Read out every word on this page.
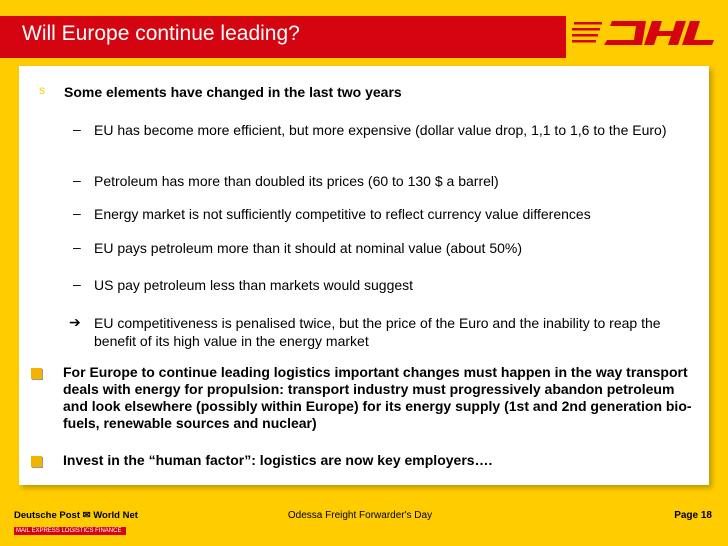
Will Europe continue leading?
s Some elements have changed in the last two years
– EU has become more efficient, but more expensive (dollar value drop, 1,1 to 1,6 to the Euro)
– Petroleum has more than doubled its prices (60 to 130 $ a barrel)
– Energy market is not sufficiently competitive to reflect currency value differences
– EU pays petroleum more than it should at nominal value (about 50%)
– US pay petroleum less than markets would suggest
➔ EU competitiveness is penalised twice, but the price of the Euro and the inability to reap the benefit of its high value in the energy market
For Europe to continue leading logistics important changes must happen in the way transport deals with energy for propulsion: transport industry must progressively abandon petroleum and look elsewhere (possibly within Europe) for its energy supply (1st and 2nd generation bio-fuels, renewable sources and nuclear)
Invest in the “human factor”: logistics are now key employers….
Deutsche Post ✉ World Net
MAIL EXPRESS LOGISTICS FINANCE
Odessa Freight Forwarder's Day	Page 18
